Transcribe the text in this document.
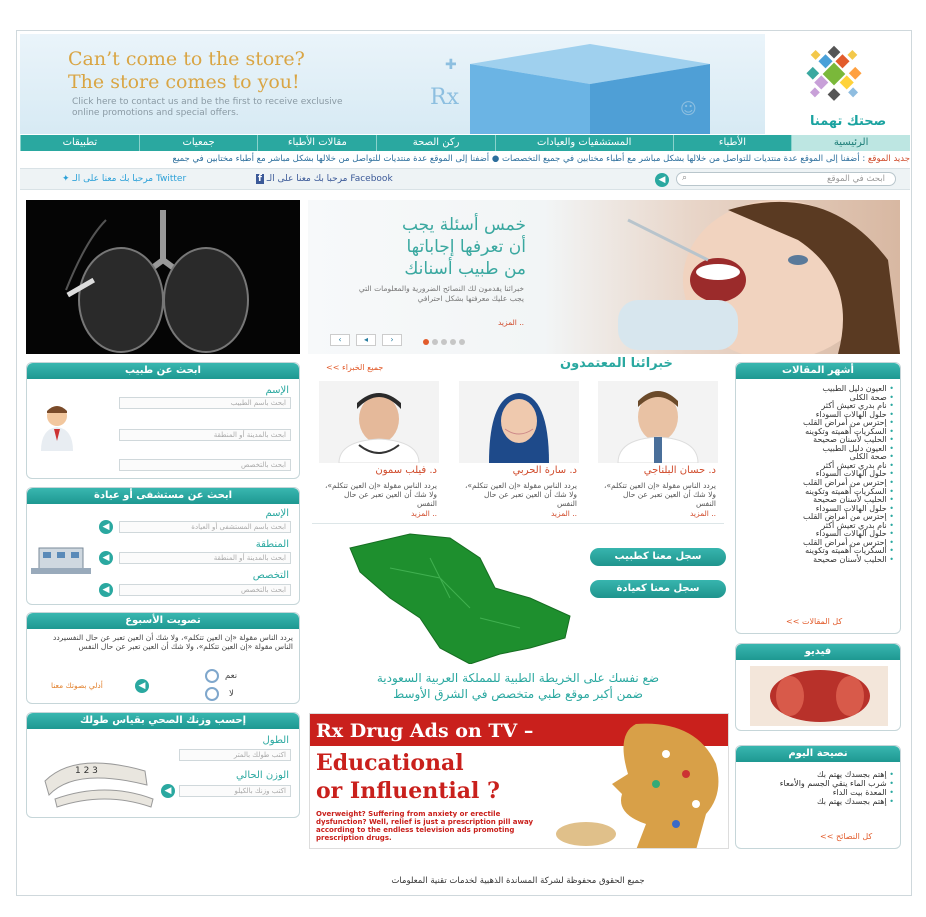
Rx	☺
✚
Can’t come to the store?
The store comes to you!
Click here to contact us and be the first to receive exclusive online promotions and special offers.
صحتك تهمنا
الرئيسية
الأطباء
المستشفيات والعيادات
ركن الصحة
مقالات الأطباء
جمعيات
تطبيقات
جديد الموقع : أضفنا إلى الموقع عدة منتديات للتواصل من خلالها بشكل مباشر مع أطباء مختابين في جميع التخصصات ● أضفنا إلى الموقع عدة منتديات للتواصل من خلالها بشكل مباشر مع أطباء مختابين في جميع
ابحث في الموقع
⌕
◀
f مرحبا بك معنا على الـ Facebook
✦ مرحبا بك معنا على الـ Twitter
خمس أسئلة يجب
أن تعرفها إجاباتها
من طبيب أسنانك
خبرائنا يقدمون لك النصائح الضرورية والمعلومات التي يجب عليك معرفتها بشكل احترافي
المزيد ..
‹	◂	›
ابحث عن طبيب
الإسم
ابحث باسم الطبيب
ابحث بالمدينة أو المنطقة
ابحث بالتخصص
ابحث عن مستشفى أو عيادة
الإسم
ابحث باسم المستشفى أو العيادة
◀
المنطقة
ابحث بالمدينة أو المنطقة
◀
التخصص
ابحث بالتخصص
◀
تصويت الأسبوع
يردد الناس مقولة «إن العين تتكلم»، ولا شك أن العين تعبر عن حال النفسيردد الناس مقولة «إن العين تتكلم»، ولا شك أن العين تعبر عن حال النفس
نعم
لا
أدلي بصوتك معنا	◀
إحسب وزنك الصحي بقياس طولك
الطول
اكتب طولك بالمتر
الوزن الحالي
اكتب وزنك بالكيلو
◀
1 2 3
خبرائنا المعتمدون
جميع الخبراء >>
د. حسان البلناجي
يردد الناس مقولة «إن العين تتكلم»، ولا شك أن العين تعبر عن حال النفس
المزيد ..
د. سارة الحربي
يردد الناس مقولة «إن العين تتكلم»، ولا شك أن العين تعبر عن حال النفس
المزيد ..
د. فيلب سمون
يردد الناس مقولة «إن العين تتكلم»، ولا شك أن العين تعبر عن حال النفس
المزيد ..
سجل معنا كطبيب
سجل معنا كعيادة
ضع نفسك على الخريطة الطبية للمملكة العربية السعودية
ضمن أكبر موقع طبي متخصص في الشرق الأوسط
Rx Drug Ads on TV –
Educational
or Influential ?
Overweight? Suffering from anxiety or erectile dysfunction? Well, relief is just a prescription pill away according to the endless television ads promoting prescription drugs.
أشهر المقالات
• العيون دليل الطبيب
• صحة الكلى
• نام بدري تعيش أكثر
• حلول الهالات السوداء
• إحترس من أمراض القلب
• السكريات أهميته وتكوينه
• الحليب لأسنان صحيحة
• العيون دليل الطبيب
• صحة الكلى
• نام بدري تعيش أكثر
• حلول الهالات السوداء
• إحترس من أمراض القلب
• السكريات أهميته وتكوينه
• الحليب لأسنان صحيحة
• حلول الهالات السوداء
• إحترس من أمراض القلب
• نام بدري تعيش أكثر
• حلول الهالات السوداء
• إحترس من أمراض القلب
• السكريات أهميته وتكوينه
• الحليب لأسنان صحيحة
كل المقالات >>
فيديو
نصيحة اليوم
• إهتم بجسدك يهتم بك
• شرب الماء ينقي الجسم والأمعاء
• المعدة بيت الداء
• إهتم بجسدك يهتم بك
كل النصائح >>
جميع الحقوق محفوظة لشركة المساندة الذهبية لخدمات تقنية المعلومات
